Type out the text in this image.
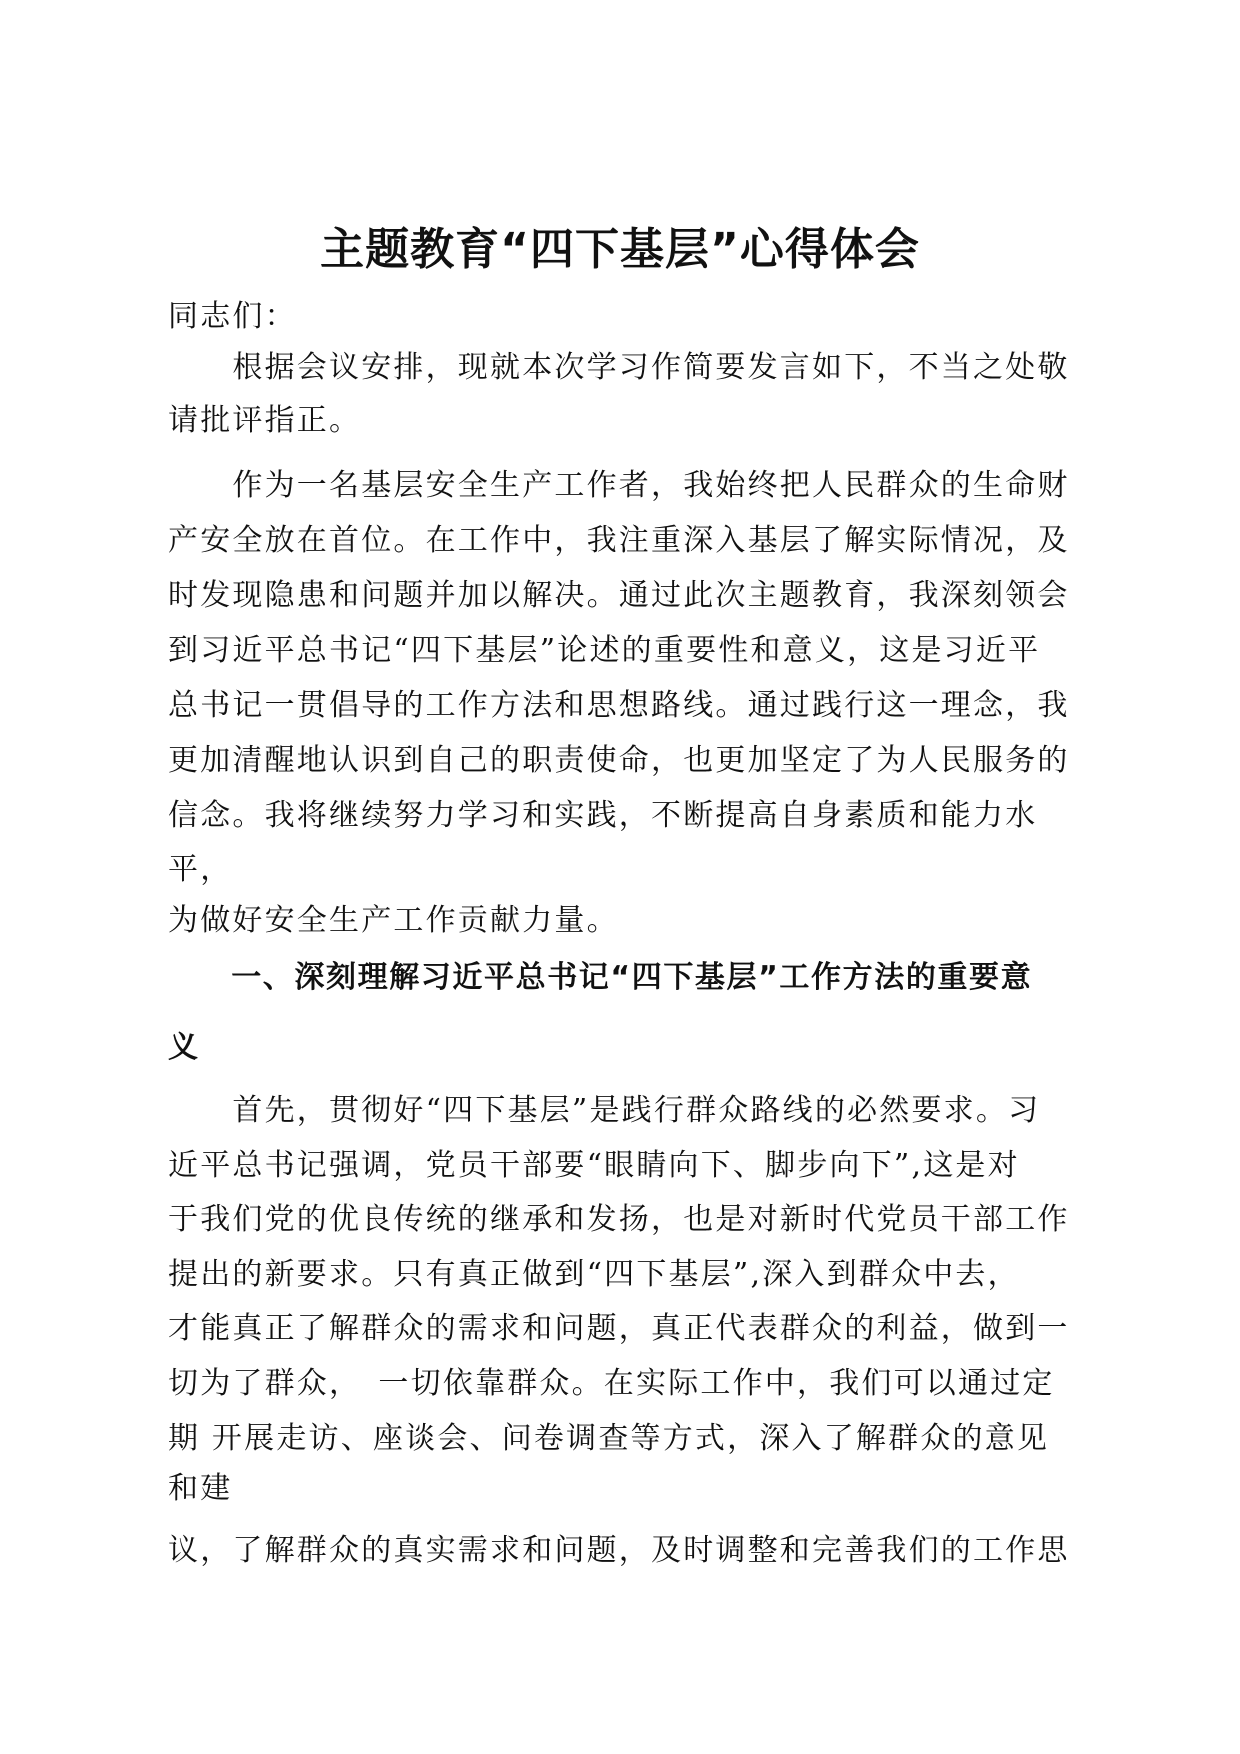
主题教育“四下基层”心得体会
同志们：
　　根据会议安排，现就本次学习作简要发言如下，不当之处敬
请批评指正。
　　作为一名基层安全生产工作者，我始终把人民群众的生命财
产安全放在首位。在工作中，我注重深入基层了解实际情况，及
时发现隐患和问题并加以解决。通过此次主题教育，我深刻领会
到习近平总书记“四下基层”论述的重要性和意义，这是习近平
总书记一贯倡导的工作方法和思想路线。通过践行这一理念，我
更加清醒地认识到自己的职责使命，也更加坚定了为人民服务的
信念。我将继续努力学习和实践，不断提高自身素质和能力水
平，
为做好安全生产工作贡献力量。
　　一、深刻理解习近平总书记“四下基层”工作方法的重要意
义
　　首先，贯彻好“四下基层”是践行群众路线的必然要求。习
近平总书记强调，党员干部要“眼睛向下、脚步向下”,这是对
于我们党的优良传统的继承和发扬，也是对新时代党员干部工作
提出的新要求。只有真正做到“四下基层”,深入到群众中去，
才能真正了解群众的需求和问题，真正代表群众的利益，做到一
切为了群众，　一切依靠群众。在实际工作中，我们可以通过定
期 开展走访、座谈会、问卷调查等方式，深入了解群众的意见
和建
议，了解群众的真实需求和问题，及时调整和完善我们的工作思
